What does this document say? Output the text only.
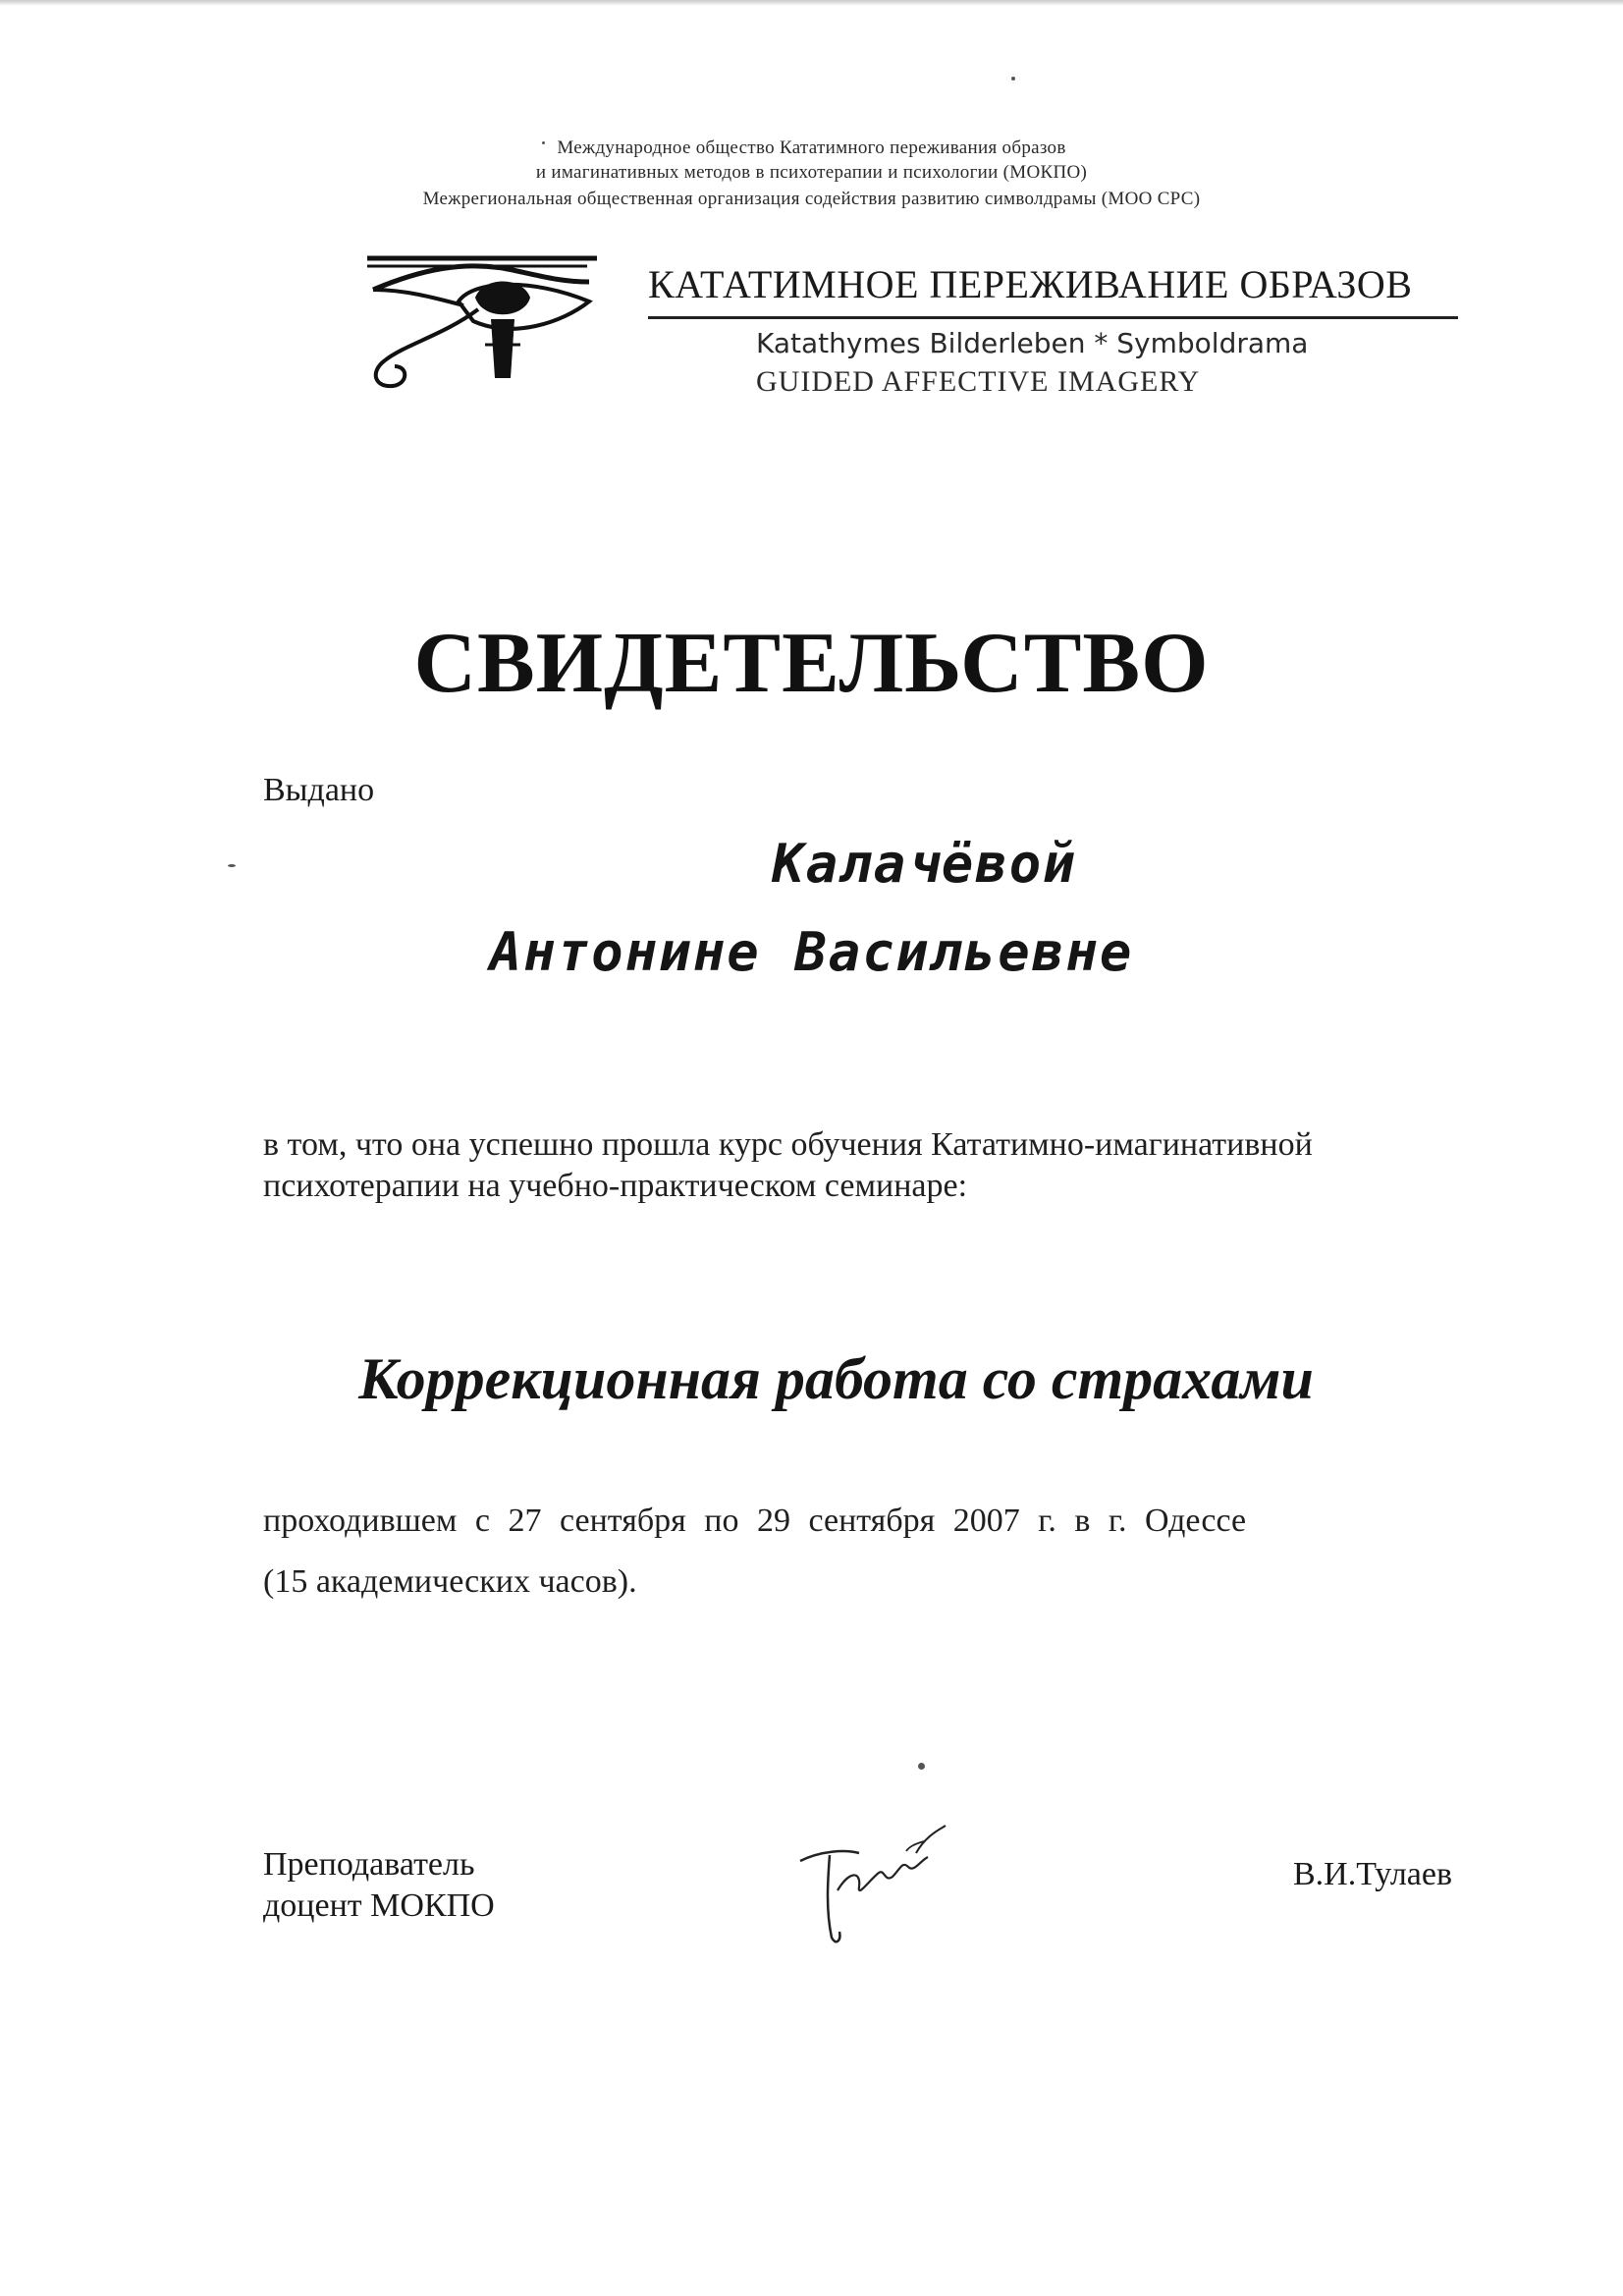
Международное общество Кататимного переживания образов
и имагинативных методов в психотерапии и психологии (МОКПО)
Межрегиональная общественная организация содействия развитию символдрамы (МОО СРС)
КАТАТИМНОЕ ПЕРЕЖИВАНИЕ ОБРАЗОВ
Katathymes Bilderleben * Symboldrama
GUIDED AFFECTIVE IMAGERY
СВИДЕТЕЛЬСТВО
Выдано
Калачёвой
Антонине Васильевне
в том, что она успешно прошла курс обучения Кататимно-имагинативной психотерапии на учебно-практическом семинаре:
Коррекционная работа со страхами
проходившем с 27 сентября по 29 сентября 2007 г. в г. Одессе
(15 академических часов).
Преподаватель
доцент МОКПО
В.И.Тулаев
